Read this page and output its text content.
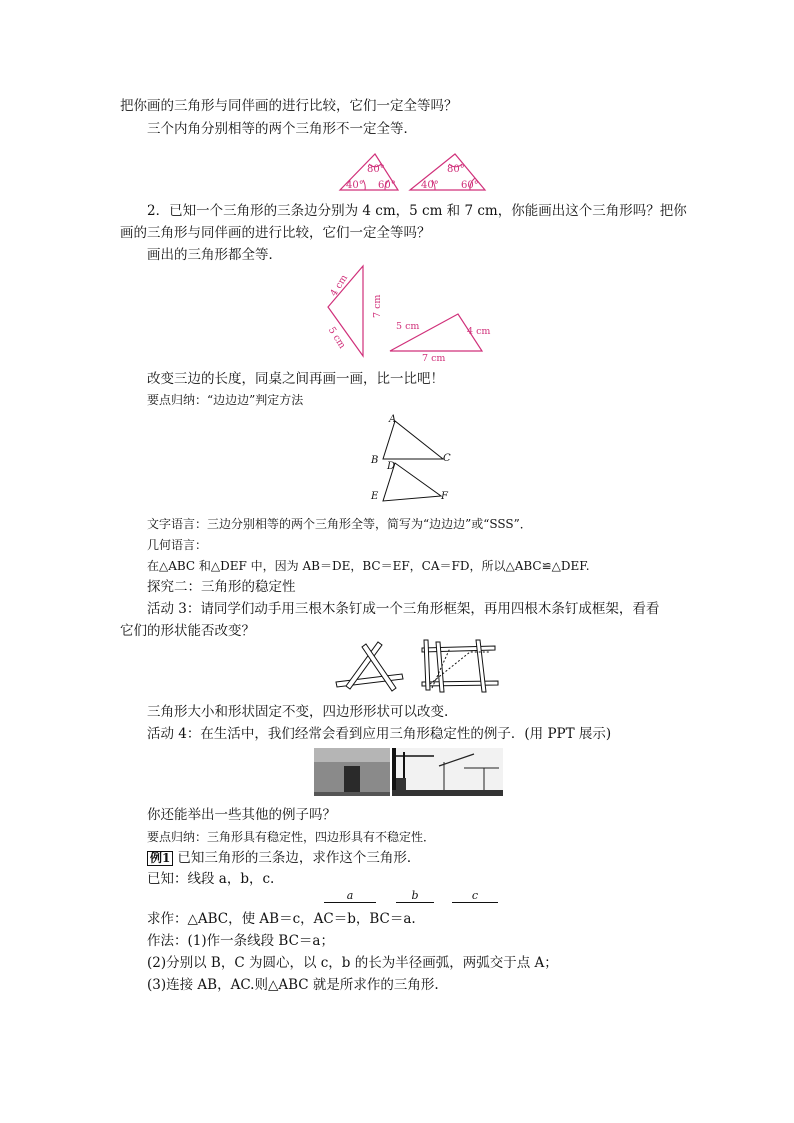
把你画的三角形与同伴画的进行比较，它们一定全等吗？
三个内角分别相等的两个三角形不一定全等．
80°
40° 60°
80°
40° 60°
2．已知一个三角形的三条边分别为 4 cm，5 cm 和 7 cm，你能画出这个三角形吗？把你
画的三角形与同伴画的进行比较，它们一定全等吗？
画出的三角形都全等．
4 cm
7 cm
5 cm	5 cm	4 cm
7 cm
改变三边的长度，同桌之间再画一画，比一比吧！
要点归纳：“边边边”判定方法
A
B	C
D
E	F
文字语言：三边分别相等的两个三角形全等，简写为“边边边”或“SSS”．
几何语言：
在△ABC 和△DEF 中，因为 AB＝DE，BC＝EF，CA＝FD，所以△ABC≌△DEF.
探究二：三角形的稳定性
活动 3：请同学们动手用三根木条钉成一个三角形框架，再用四根木条钉成框架，看看
它们的形状能否改变？
三角形大小和形状固定不变，四边形形状可以改变.
活动 4：在生活中，我们经常会看到应用三角形稳定性的例子．(用 PPT 展示)
你还能举出一些其他的例子吗？
要点归纳：三角形具有稳定性，四边形具有不稳定性．
例1 已知三角形的三条边，求作这个三角形．
已知：线段 a，b，c.
a	b	c
求作：△ABC，使 AB＝c，AC＝b，BC＝a.
作法：(1)作一条线段 BC＝a；
(2)分别以 B，C 为圆心，以 c，b 的长为半径画弧，两弧交于点 A；
(3)连接 AB，AC.则△ABC 就是所求作的三角形.
